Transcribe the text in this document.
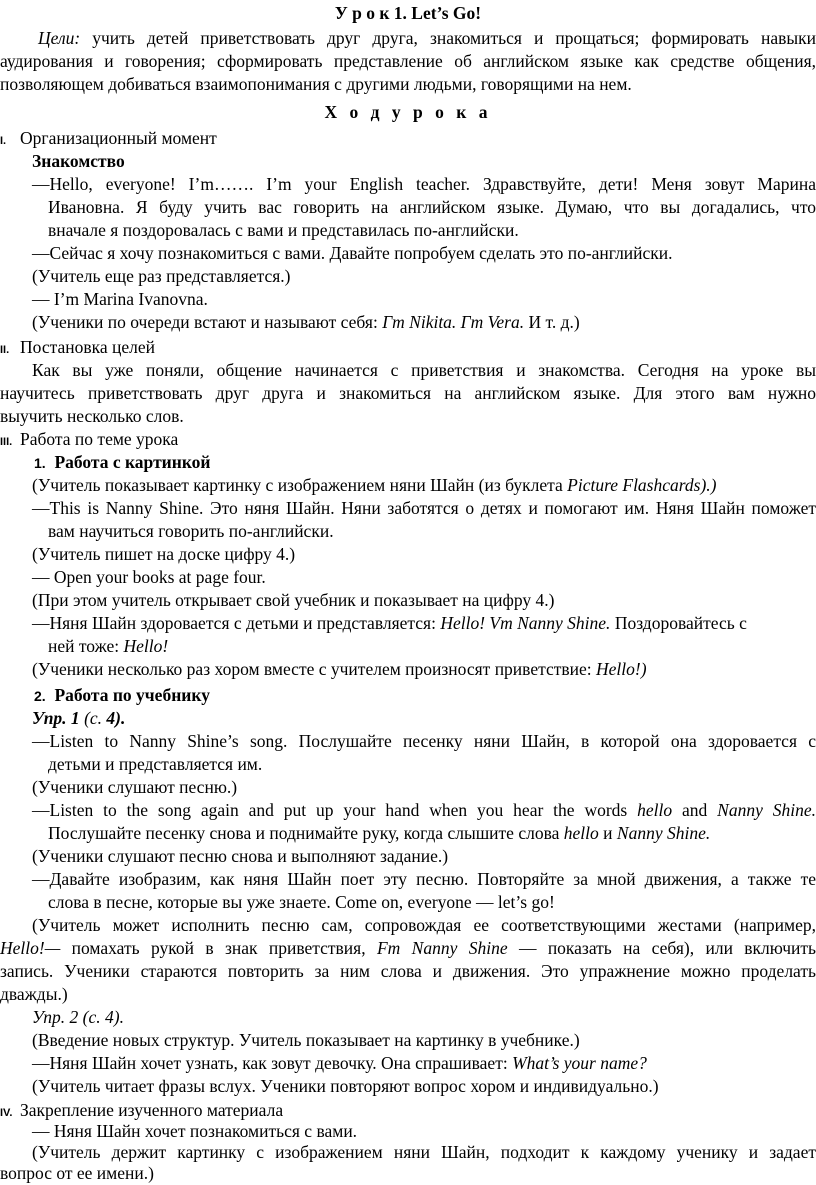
У р о к 1. Let’s Go!
Цели: учить детей приветствовать друг друга, знакомиться и прощаться; формировать навыки
аудирования и говорения; сформировать представление об английском языке как средстве общения,
позволяющем добиваться взаимопонимания с другими людьми, говорящими на нем.
Х о д у р о к а
I. Организационный момент
Знакомство
—Hello, everyone! I’m……. I’m your English teacher. Здравствуйте, дети! Меня зовут Марина
Ивановна. Я буду учить вас говорить на английском языке. Думаю, что вы догадались, что
вначале я поздоровалась с вами и представилась по-английски.
—Сейчас я хочу познакомиться с вами. Давайте попробуем сделать это по-английски.
(Учитель еще раз представляется.)
— I’m Marina Ivanovna.
(Ученики по очереди встают и называют себя: Гт Nikita. Гт Vera. И т. д.)
II. Постановка целей
Как вы уже поняли, общение начинается с приветствия и знакомства. Сегодня на уроке вы
научитесь приветствовать друг друга и знакомиться на английском языке. Для этого вам нужно
выучить несколько слов.
III. Работа по теме урока
1. Работа с картинкой
(Учитель показывает картинку с изображением няни Шайн (из буклета Picture Flashcards).)
—This is Nanny Shine. Это няня Шайн. Няни заботятся о детях и помогают им. Няня Шайн поможет
вам научиться говорить по-английски.
(Учитель пишет на доске цифру 4.)
— Open your books at page four.
(При этом учитель открывает свой учебник и показывает на цифру 4.)
—Няня Шайн здоровается с детьми и представляется: Hello! Vm Nanny Shine. Поздоровайтесь с
ней тоже: Hello!
(Ученики несколько раз хором вместе с учителем произносят приветствие: Hello!)
2. Работа по учебнику
Упр. 1 (с. 4).
—Listen to Nanny Shine’s song. Послушайте песенку няни Шайн, в которой она здоровается с
детьми и представляется им.
(Ученики слушают песню.)
—Listen to the song again and put up your hand when you hear the words hello and Nanny Shine.
Послушайте песенку снова и поднимайте руку, когда слышите слова hello и Nanny Shine.
(Ученики слушают песню снова и выполняют задание.)
—Давайте изобразим, как няня Шайн поет эту песню. Повторяйте за мной движения, а также те
слова в песне, которые вы уже знаете. Come on, everyone — let’s go!
(Учитель может исполнить песню сам, сопровождая ее соответствующими жестами (например,
Hello!— помахать рукой в знак приветствия, Fm Nanny Shine — показать на себя), или включить
запись. Ученики стараются повторить за ним слова и движения. Это упражнение можно проделать
дважды.)
Упр. 2 (с. 4).
(Введение новых структур. Учитель показывает на картинку в учебнике.)
—Няня Шайн хочет узнать, как зовут девочку. Она спрашивает: What’s your name?
(Учитель читает фразы вслух. Ученики повторяют вопрос хором и индивидуально.)
IV. Закрепление изученного материала
— Няня Шайн хочет познакомиться с вами.
(Учитель держит картинку с изображением няни Шайн, подходит к каждому ученику и задает
вопрос от ее имени.)
